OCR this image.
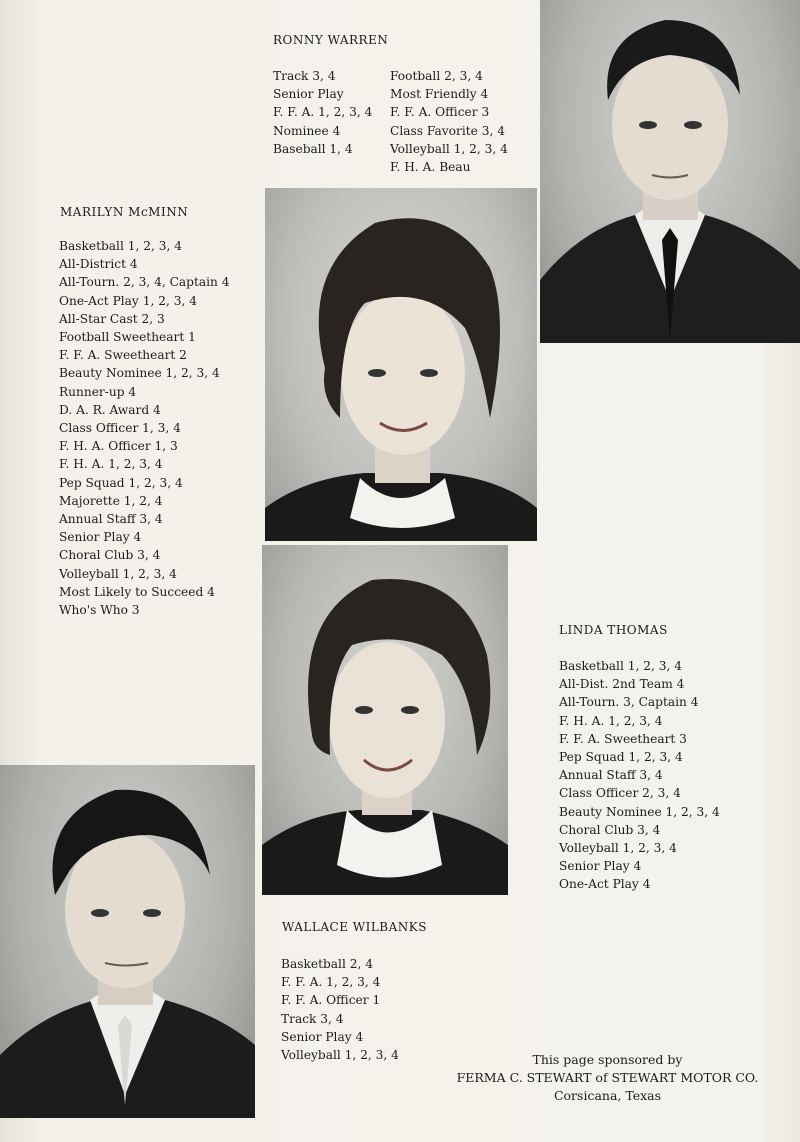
RONNY WARREN
Track 3, 4
Senior Play
F. F. A. 1, 2, 3, 4
Nominee 4
Baseball 1, 4
Football 2, 3, 4
Most Friendly 4
F. F. A. Officer 3
Class Favorite 3, 4
Volleyball 1, 2, 3, 4
F. H. A. Beau
MARILYN McMINN
Basketball 1, 2, 3, 4
All-District 4
All-Tourn. 2, 3, 4, Captain 4
One-Act Play 1, 2, 3, 4
All-Star Cast 2, 3
Football Sweetheart 1
F. F. A. Sweetheart 2
Beauty Nominee 1, 2, 3, 4
Runner-up 4
D. A. R. Award 4
Class Officer 1, 3, 4
F. H. A. Officer 1, 3
F. H. A. 1, 2, 3, 4
Pep Squad 1, 2, 3, 4
Majorette 1, 2, 4
Annual Staff 3, 4
Senior Play 4
Choral Club 3, 4
Volleyball 1, 2, 3, 4
Most Likely to Succeed 4
Who's Who 3
LINDA THOMAS
Basketball 1, 2, 3, 4
All-Dist. 2nd Team 4
All-Tourn. 3, Captain 4
F. H. A. 1, 2, 3, 4
F. F. A. Sweetheart 3
Pep Squad 1, 2, 3, 4
Annual Staff 3, 4
Class Officer 2, 3, 4
Beauty Nominee 1, 2, 3, 4
Choral Club 3, 4
Volleyball 1, 2, 3, 4
Senior Play 4
One-Act Play 4
WALLACE WILBANKS
Basketball 2, 4
F. F. A. 1, 2, 3, 4
F. F. A. Officer 1
Track 3, 4
Senior Play 4
Volleyball 1, 2, 3, 4	This page sponsored by
FERMA C. STEWART of STEWART MOTOR CO.
Corsicana, Texas
